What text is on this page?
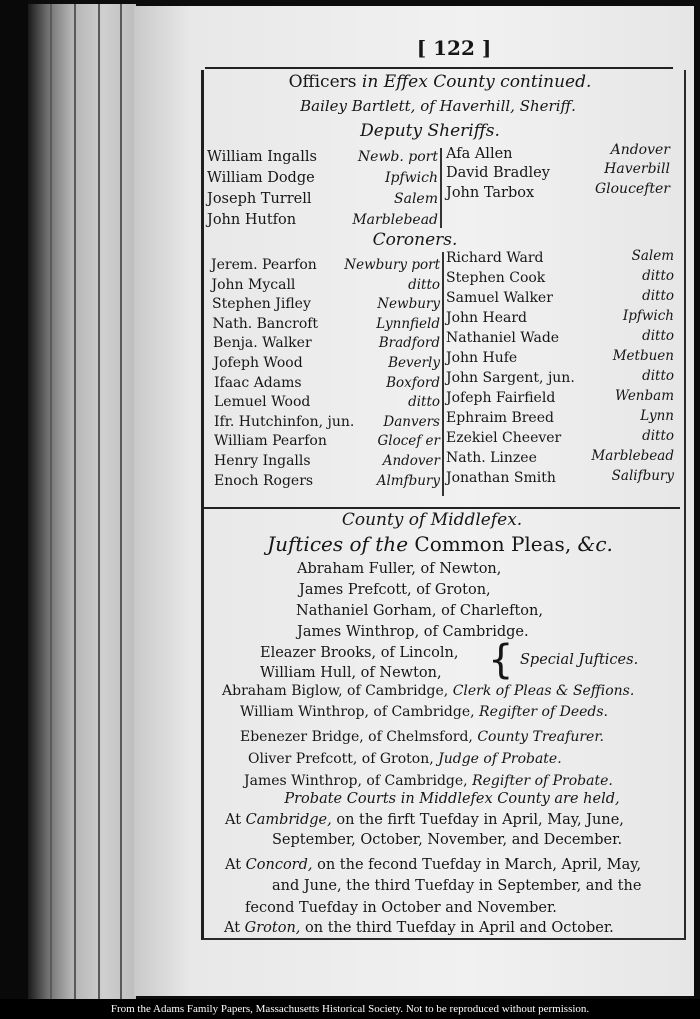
[ 122 ]
Officers in Effex County continued.
Bailey Bartlett, of Haverhill, Sheriff.
Deputy Sheriffs.
William Ingalls	Newb. port
William Dodge	Ipfwich
Joseph Turrell	Salem
John Hutfon	Marblebead
Afa Allen	Andover
David Bradley	Haverbill
John Tarbox	Gloucefter
Coroners.
Jerem. Pearfon Newbury port
John Mycall	ditto
Stephen Jifley	Newbury
Nath. Bancroft	Lynnfield
Benja. Walker	Bradford
Jofeph Wood	Beverly
Ifaac Adams	Boxford
Lemuel Wood	ditto
Ifr. Hutchinfon, jun. Danvers
William Pearfon	Glocef er
Henry Ingalls	Andover
Enoch Rogers	Almfbury
Richard Ward	Salem
Stephen Cook	ditto
Samuel Walker	ditto
John Heard	Ipfwich
Nathaniel Wade	ditto
John Hufe	Metbuen
John Sargent, jun.	ditto
Jofeph Fairfield	Wenbam
Ephraim Breed	Lynn
Ezekiel Cheever	ditto
Nath. Linzee	Marblebead
Jonathan Smith	Salifbury
County of Middlefex.
Juftices of the Common Pleas, &c.
Abraham Fuller, of Newton,
James Prefcott, of Groton,
Nathaniel Gorham, of Charlefton,
James Winthrop, of Cambridge.
Eleazer Brooks, of Lincoln,
William Hull, of Newton, { Special Juftices.
Abraham Biglow, of Cambridge, Clerk of Pleas & Seffions.
William Winthrop, of Cambridge, Regifter of Deeds.
Ebenezer Bridge, of Chelmsford, County Treafurer.
Oliver Prefcott, of Groton, Judge of Probate.
James Winthrop, of Cambridge, Regifter of Probate.
Probate Courts in Middlefex County are held,
At Cambridge, on the firft Tuefday in April, May, June,
September, October, November, and December.
At Concord, on the fecond Tuefday in March, April, May,
and June, the third Tuefday in September, and the
fecond Tuefday in October and November.
At Groton, on the third Tuefday in April and October.
From the Adams Family Papers, Massachusetts Historical Society. Not to be reproduced without permission.
